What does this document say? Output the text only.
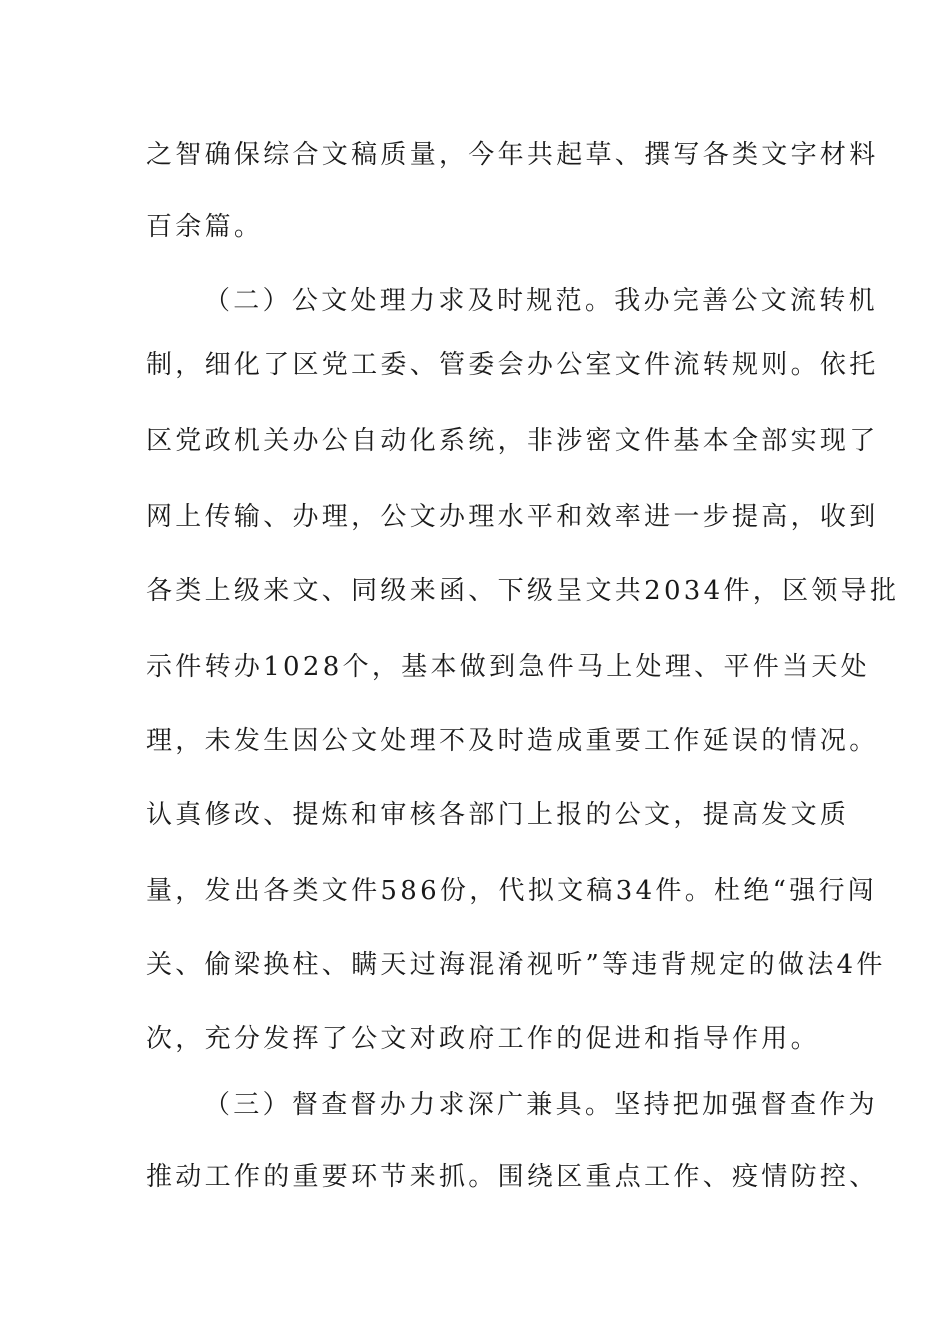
之智确保综合文稿质量，今年共起草、撰写各类文字材料
百余篇。
（二）公文处理力求及时规范。我办完善公文流转机
制，细化了区党工委、管委会办公室文件流转规则。依托
区党政机关办公自动化系统，非涉密文件基本全部实现了
网上传输、办理，公文办理水平和效率进一步提高，收到
各类上级来文、同级来函、下级呈文共2034件，区领导批
示件转办1028个，基本做到急件马上处理、平件当天处
理，未发生因公文处理不及时造成重要工作延误的情况。
认真修改、提炼和审核各部门上报的公文，提高发文质
量，发出各类文件586份，代拟文稿34件。杜绝“强行闯
关、偷梁换柱、瞒天过海混淆视听”等违背规定的做法4件
次，充分发挥了公文对政府工作的促进和指导作用。
（三）督查督办力求深广兼具。坚持把加强督查作为
推动工作的重要环节来抓。围绕区重点工作、疫情防控、
